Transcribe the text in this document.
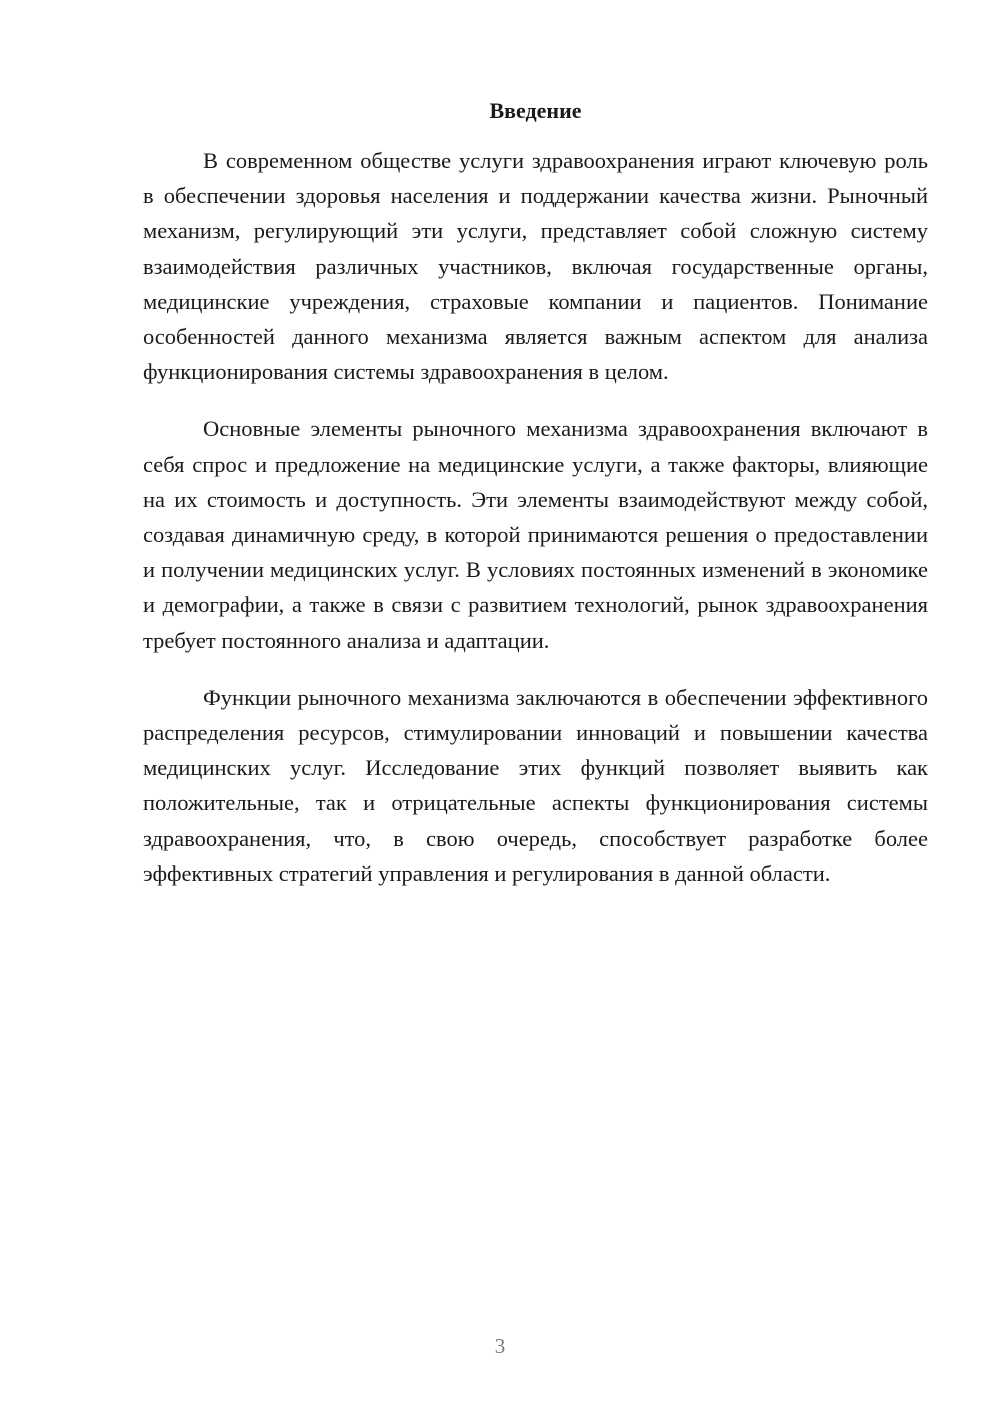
Введение

В современном обществе услуги здравоохранения играют ключевую роль в обеспечении здоровья населения и поддержании качества жизни. Рыночный механизм, регулирующий эти услуги, представляет собой сложную систему взаимодействия различных участников, включая государственные органы, медицинские учреждения, страховые компании и пациентов. Понимание особенностей данного механизма является важным аспектом для анализа функционирования системы здравоохранения в целом.

Основные элементы рыночного механизма здравоохранения включают в себя спрос и предложение на медицинские услуги, а также факторы, влияющие на их стоимость и доступность. Эти элементы взаимодействуют между собой, создавая динамичную среду, в которой принимаются решения о предоставлении и получении медицинских услуг. В условиях постоянных изменений в экономике и демографии, а также в связи с развитием технологий, рынок здравоохранения требует постоянного анализа и адаптации.

Функции рыночного механизма заключаются в обеспечении эффективного распределения ресурсов, стимулировании инноваций и повышении качества медицинских услуг. Исследование этих функций позволяет выявить как положительные, так и отрицательные аспекты функционирования системы здравоохранения, что, в свою очередь, способствует разработке более эффективных стратегий управления и регулирования в данной области.

3
